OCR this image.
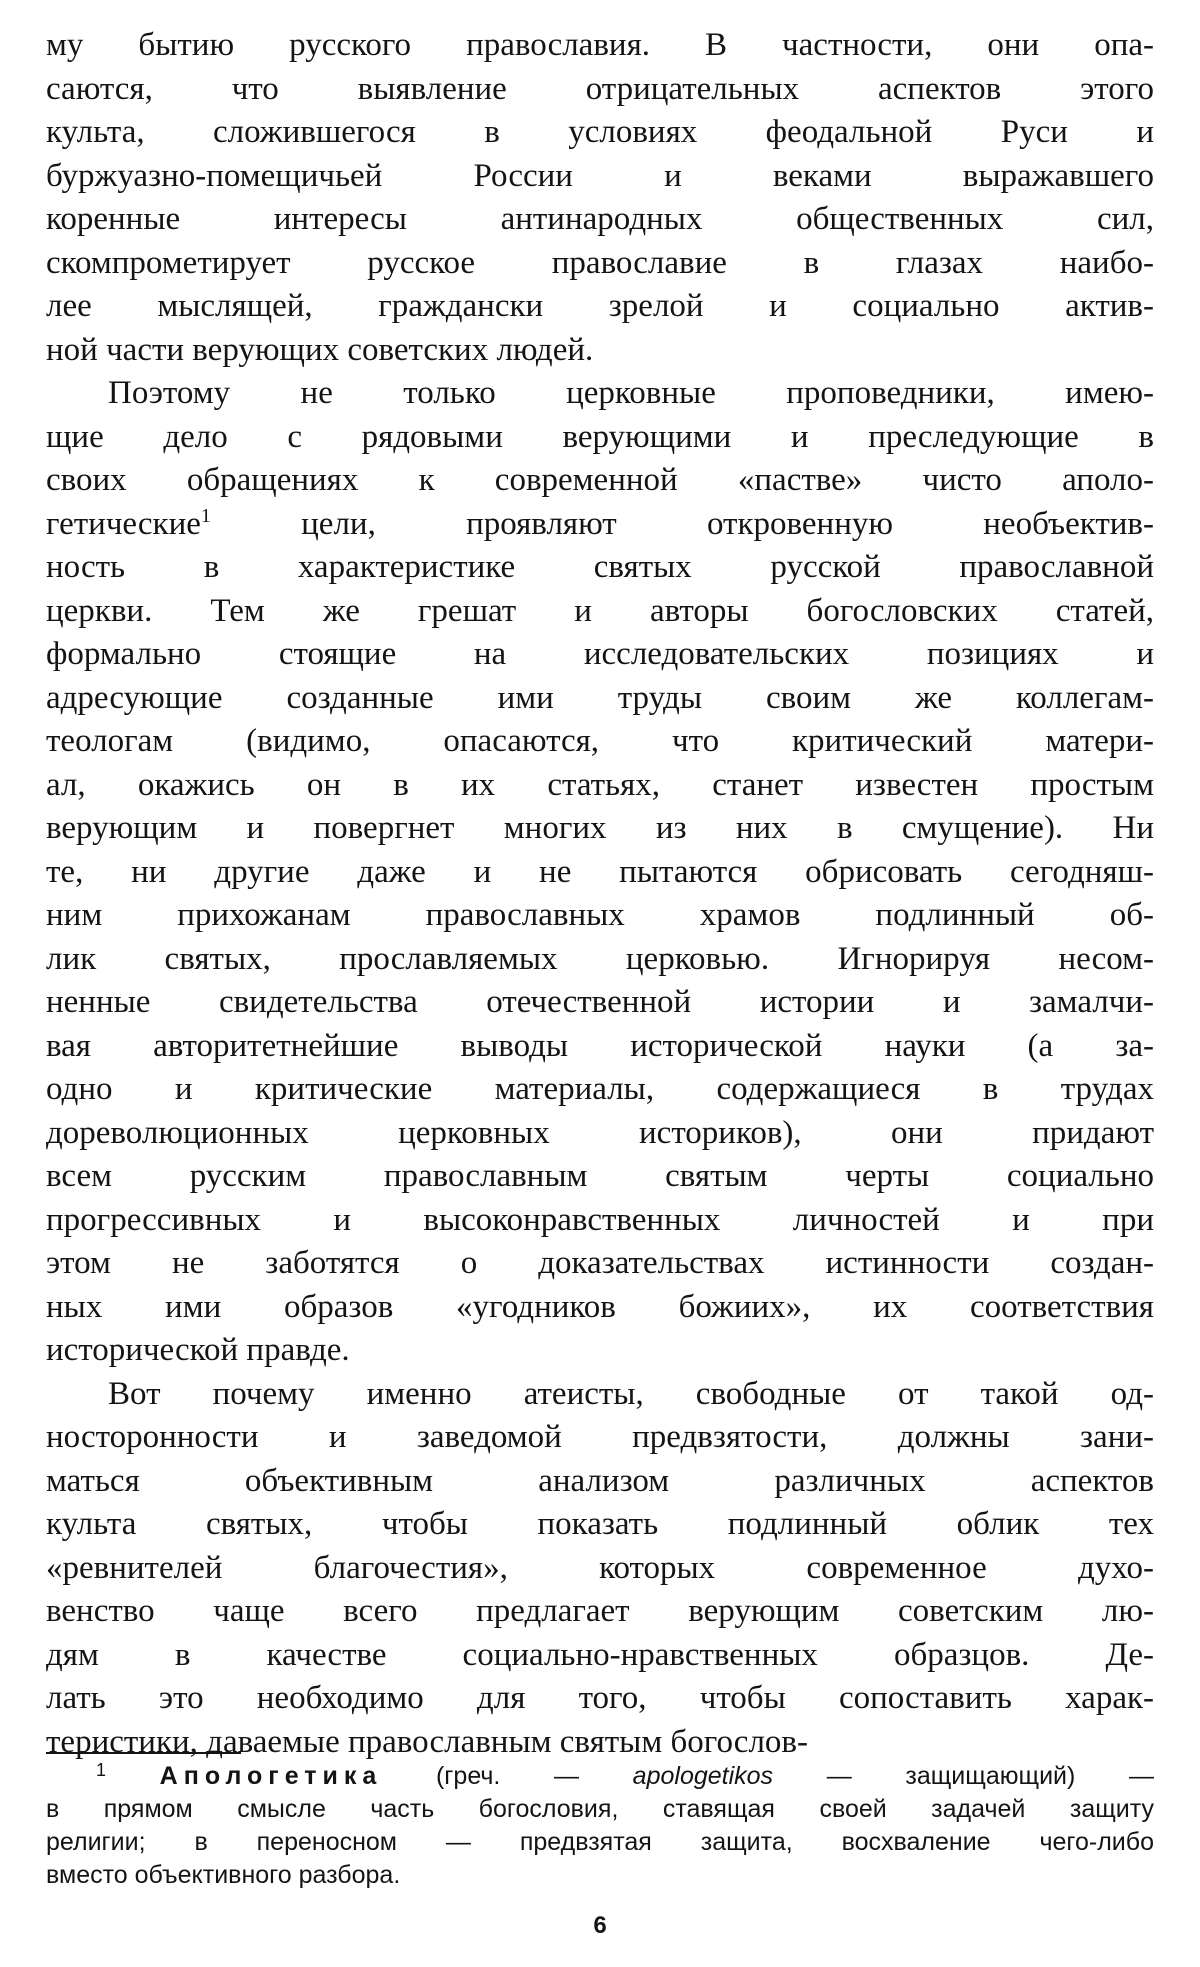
му бытию русского православия. В частности, они опа-
саются, что выявление отрицательных аспектов этого
культа, сложившегося в условиях феодальной Руси и
буржуазно-помещичьей России и веками выражавшего
коренные интересы антинародных общественных сил,
скомпрометирует русское православие в глазах наибо-
лее мыслящей, граждански зрелой и социально актив-
ной части верующих советских людей.

Поэтому не только церковные проповедники, имею-
щие дело с рядовыми верующими и преследующие в
своих обращениях к современной «пастве» чисто аполо-
гетические$^1$ цели, проявляют откровенную необъектив-
ность в характеристике святых русской православной
церкви. Тем же грешат и авторы богословских статей,
формально стоящие на исследовательских позициях и
адресующие созданные ими труды своим же коллегам-
теологам (видимо, опасаются, что критический матери-
ал, окажись он в их статьях, станет известен простым
верующим и повергнет многих из них в смущение). Ни
те, ни другие даже и не пытаются обрисовать сегодняш-
ним прихожанам православных храмов подлинный об-
лик святых, прославляемых церковью. Игнорируя несом-
ненные свидетельства отечественной истории и замалчи-
вая авторитетнейшие выводы исторической науки (а за-
одно и критические материалы, содержащиеся в трудах
дореволюционных церковных историков), они придают
всем русским православным святым черты социально
прогрессивных и высоконравственных личностей и при
этом не заботятся о доказательствах истинности создан-
ных ими образов «угодников божиих», их соответствия
исторической правде.

Вот почему именно атеисты, свободные от такой од-
носторонности и заведомой предвзятости, должны зани-
маться объективным анализом различных аспектов
культа святых, чтобы показать подлинный облик тех
«ревнителей благочестия», которых современное духо-
венство чаще всего предлагает верующим советским лю-
дям в качестве социально-нравственных образцов. Де-
лать это необходимо для того, чтобы сопоставить харак-
теристики, даваемые православным святым богослов-

$^1$ Апологетика (греч. — apologetikos — защищающий) —
в прямом смысле часть богословия, ставящая своей задачей защиту
религии; в переносном — предвзятая защита, восхваление чего-либо
вместо объективного разбора.
6
